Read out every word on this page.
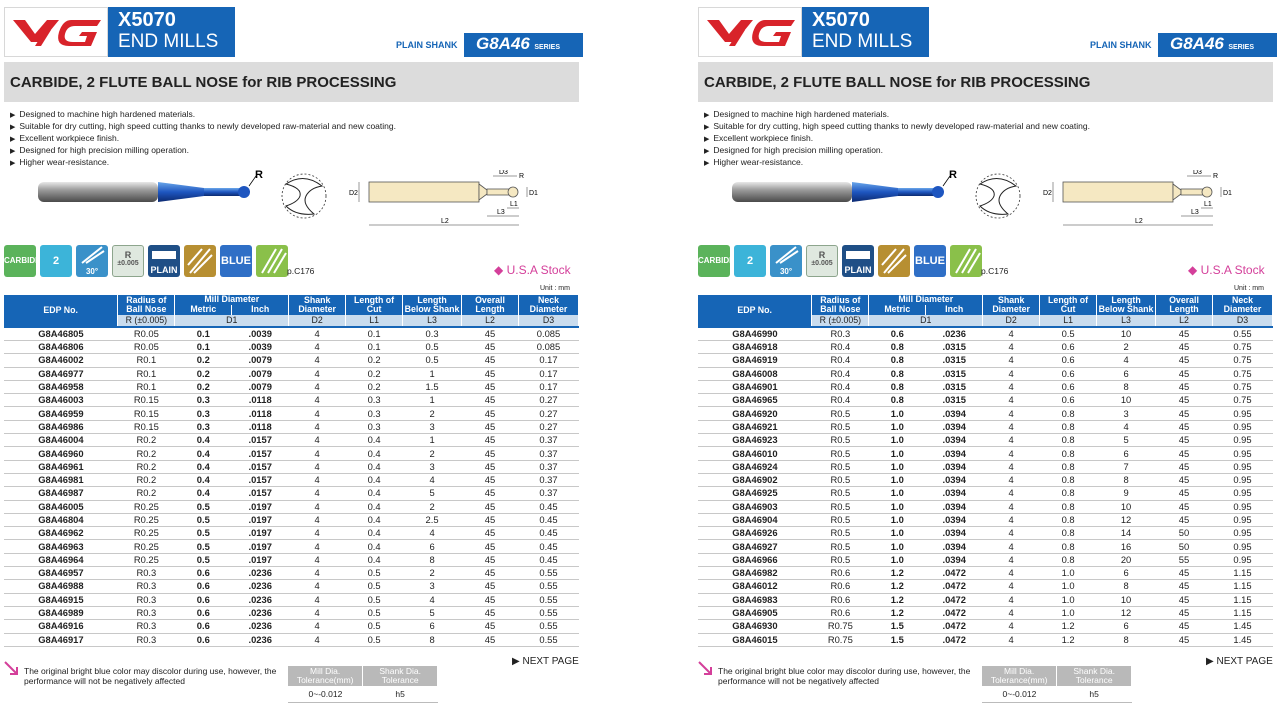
X5070
END MILLS	PLAIN SHANK	G8A46 SERIES
CARBIDE, 2 FLUTE BALL NOSE for RIB PROCESSING
▶ Designed to machine high hardened materials.
▶ Suitable for dry cutting, high speed cutting thanks to newly developed raw-material and new coating.
▶ Excellent workpiece finish.
▶ Designed for high precision milling operation.
▶ Higher wear-resistance.
R
D2	D1
D3
R
L1
L3
L2
CARBIDE	2
30°
R
±0.005
PLAIN
BLUE
p.C176	◆ U.S.A Stock
Unit : mm
EDP No.	Radius of Ball Nose	Mill Diameter		Shank Diameter	Length of Cut	Length Below Shank	Overall Length	Neck Diameter
		Metric	Inch					
	R (±0.005)	D1		D2	L1	L3	L2	D3
G8A46805	R0.05	0.1	.0039	4	0.1	0.3	45	0.085
G8A46806	R0.05	0.1	.0039	4	0.1	0.5	45	0.085
G8A46002	R0.1	0.2	.0079	4	0.2	0.5	45	0.17
G8A46977	R0.1	0.2	.0079	4	0.2	1	45	0.17
G8A46958	R0.1	0.2	.0079	4	0.2	1.5	45	0.17
G8A46003	R0.15	0.3	.0118	4	0.3	1	45	0.27
G8A46959	R0.15	0.3	.0118	4	0.3	2	45	0.27
G8A46986	R0.15	0.3	.0118	4	0.3	3	45	0.27
G8A46004	R0.2	0.4	.0157	4	0.4	1	45	0.37
G8A46960	R0.2	0.4	.0157	4	0.4	2	45	0.37
G8A46961	R0.2	0.4	.0157	4	0.4	3	45	0.37
G8A46981	R0.2	0.4	.0157	4	0.4	4	45	0.37
G8A46987	R0.2	0.4	.0157	4	0.4	5	45	0.37
G8A46005	R0.25	0.5	.0197	4	0.4	2	45	0.45
G8A46804	R0.25	0.5	.0197	4	0.4	2.5	45	0.45
G8A46962	R0.25	0.5	.0197	4	0.4	4	45	0.45
G8A46963	R0.25	0.5	.0197	4	0.4	6	45	0.45
G8A46964	R0.25	0.5	.0197	4	0.4	8	45	0.45
G8A46957	R0.3	0.6	.0236	4	0.5	2	45	0.55
G8A46988	R0.3	0.6	.0236	4	0.5	3	45	0.55
G8A46915	R0.3	0.6	.0236	4	0.5	4	45	0.55
G8A46989	R0.3	0.6	.0236	4	0.5	5	45	0.55
G8A46916	R0.3	0.6	.0236	4	0.5	6	45	0.55
G8A46917	R0.3	0.6	.0236	4	0.5	8	45	0.55
▶ NEXT PAGE
The original bright blue color may discolor during use, however, the performance will not be negatively affected
Mill Dia. Tolerance(mm)	Shank Dia. Tolerance
0~-0.012	h5
X5070
END MILLS	PLAIN SHANK	G8A46 SERIES
CARBIDE, 2 FLUTE BALL NOSE for RIB PROCESSING
▶ Designed to machine high hardened materials.
▶ Suitable for dry cutting, high speed cutting thanks to newly developed raw-material and new coating.
▶ Excellent workpiece finish.
▶ Designed for high precision milling operation.
▶ Higher wear-resistance.
R
D2	D1
D3
R
L1
L3
L2
CARBIDE	2
30°
R
±0.005
PLAIN
BLUE
p.C176	◆ U.S.A Stock
Unit : mm
EDP No.	Radius of Ball Nose	Mill Diameter		Shank Diameter	Length of Cut	Length Below Shank	Overall Length	Neck Diameter
		Metric	Inch					
	R (±0.005)	D1		D2	L1	L3	L2	D3
G8A46990	R0.3	0.6	.0236	4	0.5	10	45	0.55
G8A46918	R0.4	0.8	.0315	4	0.6	2	45	0.75
G8A46919	R0.4	0.8	.0315	4	0.6	4	45	0.75
G8A46008	R0.4	0.8	.0315	4	0.6	6	45	0.75
G8A46901	R0.4	0.8	.0315	4	0.6	8	45	0.75
G8A46965	R0.4	0.8	.0315	4	0.6	10	45	0.75
G8A46920	R0.5	1.0	.0394	4	0.8	3	45	0.95
G8A46921	R0.5	1.0	.0394	4	0.8	4	45	0.95
G8A46923	R0.5	1.0	.0394	4	0.8	5	45	0.95
G8A46010	R0.5	1.0	.0394	4	0.8	6	45	0.95
G8A46924	R0.5	1.0	.0394	4	0.8	7	45	0.95
G8A46902	R0.5	1.0	.0394	4	0.8	8	45	0.95
G8A46925	R0.5	1.0	.0394	4	0.8	9	45	0.95
G8A46903	R0.5	1.0	.0394	4	0.8	10	45	0.95
G8A46904	R0.5	1.0	.0394	4	0.8	12	45	0.95
G8A46926	R0.5	1.0	.0394	4	0.8	14	50	0.95
G8A46927	R0.5	1.0	.0394	4	0.8	16	50	0.95
G8A46966	R0.5	1.0	.0394	4	0.8	20	55	0.95
G8A46982	R0.6	1.2	.0472	4	1.0	6	45	1.15
G8A46012	R0.6	1.2	.0472	4	1.0	8	45	1.15
G8A46983	R0.6	1.2	.0472	4	1.0	10	45	1.15
G8A46905	R0.6	1.2	.0472	4	1.0	12	45	1.15
G8A46930	R0.75	1.5	.0472	4	1.2	6	45	1.45
G8A46015	R0.75	1.5	.0472	4	1.2	8	45	1.45
▶ NEXT PAGE
The original bright blue color may discolor during use, however, the performance will not be negatively affected
Mill Dia. Tolerance(mm)	Shank Dia. Tolerance
0~-0.012	h5
